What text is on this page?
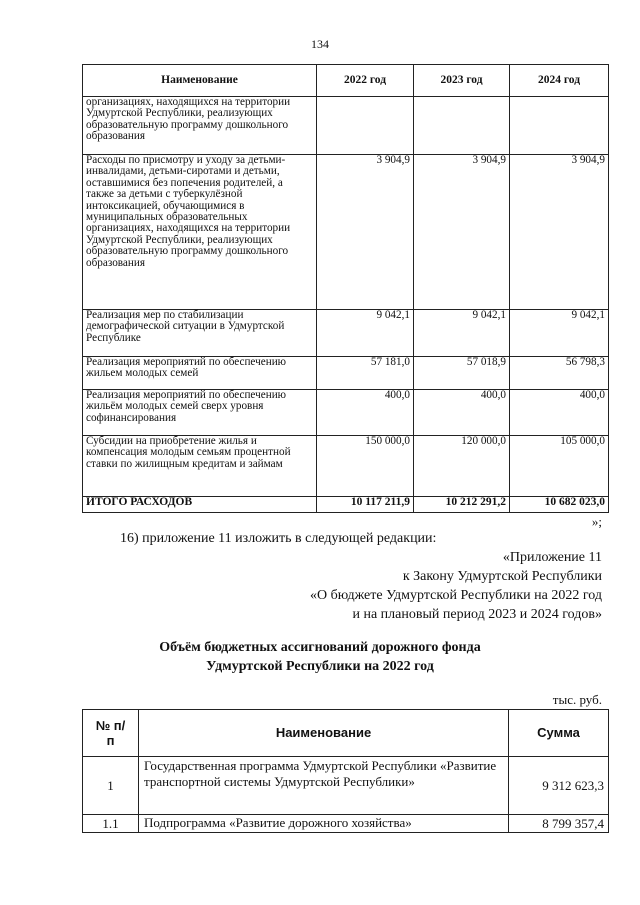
134
Наименование	2022 год	2023 год	2024 год
организациях, находящихся на территории Удмуртской Республики, реализующих образовательную программу дошкольного образования			
Расходы по присмотру и уходу за детьми-инвалидами, детьми-сиротами и детьми, оставшимися без попечения родителей, а также за детьми с туберкулёзной интоксикацией, обучающимися в муниципальных образовательных организациях, находящихся на территории Удмуртской Республики, реализующих образовательную программу дошкольного образования	3 904,9	3 904,9	3 904,9
Реализация мер по стабилизации демографической ситуации в Удмуртской Республике	9 042,1	9 042,1	9 042,1
Реализация мероприятий по обеспечению жильем молодых семей	57 181,0	57 018,9	56 798,3
Реализация мероприятий по обеспечению жильём молодых семей сверх уровня софинансирования	400,0	400,0	400,0
Субсидии на приобретение жилья и компенсация молодым семьям процентной ставки по жилищным кредитам и займам	150 000,0	120 000,0	105 000,0
ИТОГО РАСХОДОВ	10 117 211,9	10 212 291,2	10 682 023,0
»;
16) приложение 11 изложить в следующей редакции:
«Приложение 11
к Закону Удмуртской Республики
«О бюджете Удмуртской Республики на 2022 год
и на плановый период 2023 и 2024 годов»
Объём бюджетных ассигнований дорожного фонда
Удмуртской Республики на 2022 год
тыс. руб.
№ п/п	Наименование	Сумма
1	Государственная программа Удмуртской Республики «Развитие транспортной системы Удмуртской Республики»	9 312 623,3
1.1	Подпрограмма «Развитие дорожного хозяйства»	8 799 357,4
